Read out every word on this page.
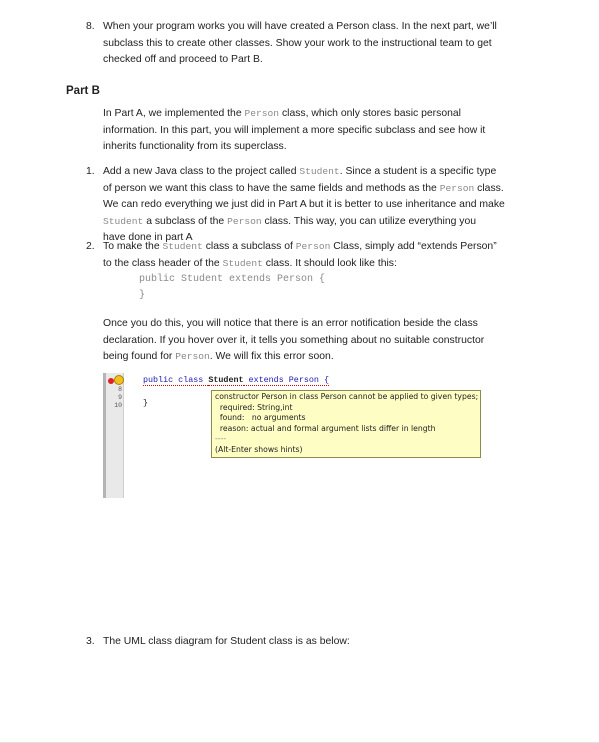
8. When your program works you will have created a Person class. In the next part, we’ll
subclass this to create other classes. Show your work to the instructional team to get
checked off and proceed to Part B.
Part B
In Part A, we implemented the Person class, which only stores basic personal
information. In this part, you will implement a more specific subclass and see how it
inherits functionality from its superclass.
1. Add a new Java class to the project called Student. Since a student is a specific type
of person we want this class to have the same fields and methods as the Person class.
We can redo everything we just did in Part A but it is better to use inheritance and make
Student a subclass of the Person class. This way, you can utilize everything you
have done in part A
2. To make the Student class a subclass of Person Class, simply add “extends Person”
to the class header of the Student class. It should look like this:
public Student extends Person {
}
Once you do this, you will notice that there is an error notification beside the class
declaration. If you hover over it, it tells you something about no suitable constructor
being found for Person. We will fix this error soon.
8
9
10
public class Student extends Person {
}
constructor Person in class Person cannot be applied to given types;
required: String,int
found:   no arguments
reason: actual and formal argument lists differ in length
----
(Alt-Enter shows hints)
3. The UML class diagram for Student class is as below:
